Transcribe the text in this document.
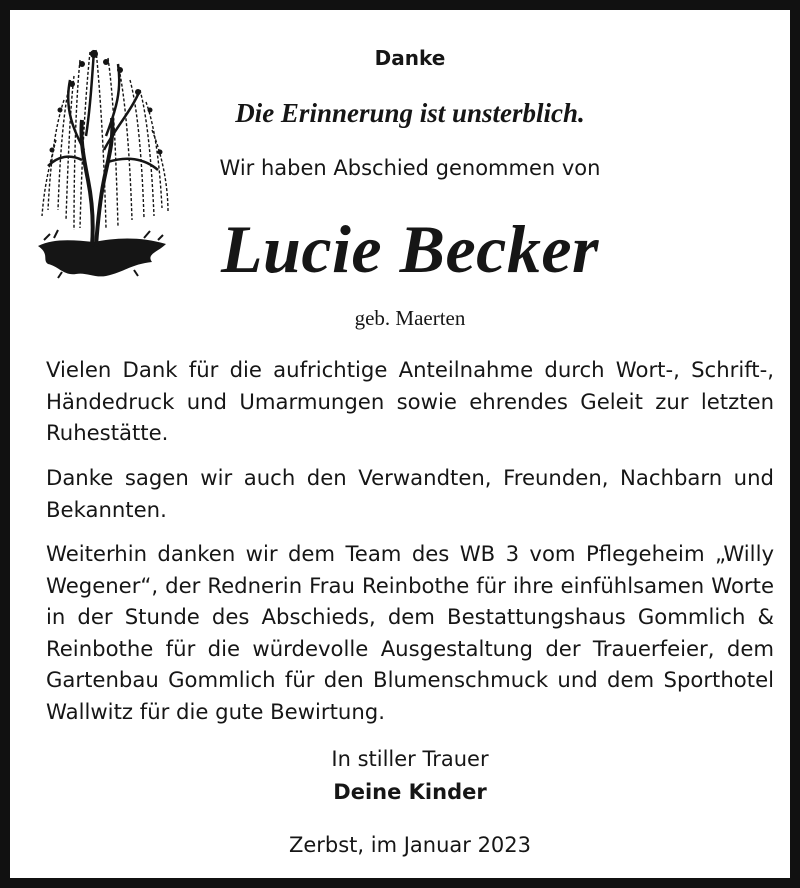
Danke
Die Erinnerung ist unsterblich.
Wir haben Abschied genommen von
Lucie Becker
geb. Maerten

Vielen Dank für die aufrichtige Anteilnahme durch Wort-, Schrift-, Händedruck und Umarmungen sowie ehrendes Geleit zur letzten Ruhestätte.

Danke sagen wir auch den Verwandten, Freunden, Nachbarn und Bekannten.

Weiterhin danken wir dem Team des WB 3 vom Pflegeheim „Willy Wegener“, der Rednerin Frau Reinbothe für ihre einfühlsamen Worte in der Stunde des Abschieds, dem Bestattungshaus Gommlich & Reinbothe für die würdevolle Ausgestaltung der Trauerfeier, dem Gartenbau Gommlich für den Blumenschmuck und dem Sporthotel Wallwitz für die gute Bewirtung.

In stiller Trauer
Deine Kinder
Zerbst, im Januar 2023
